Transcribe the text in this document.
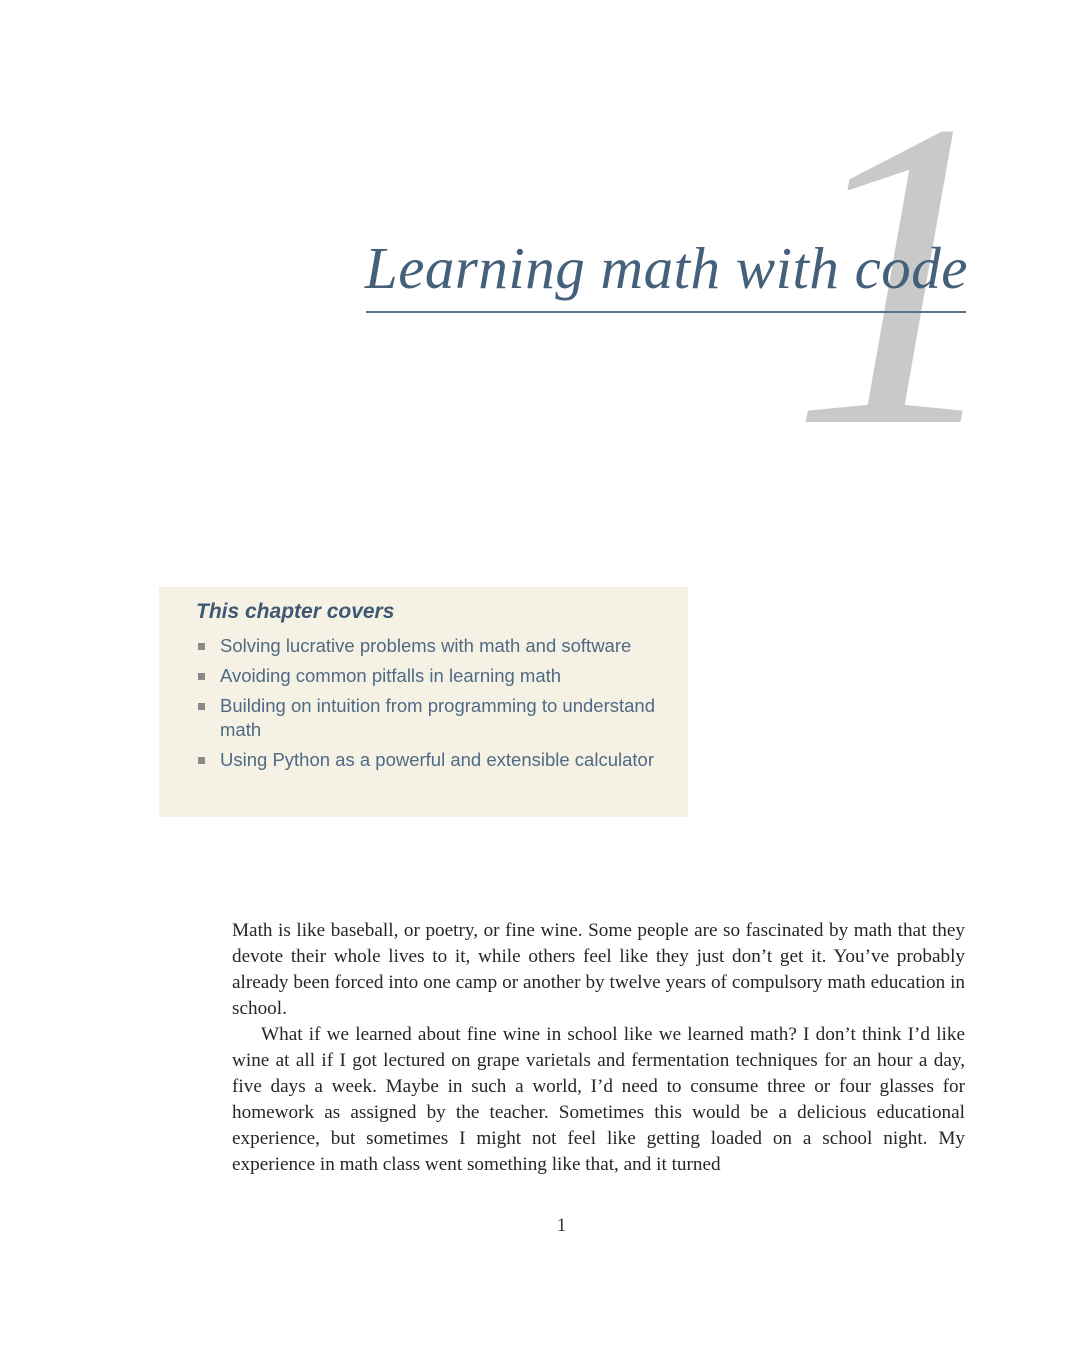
1
Learning math with code
This chapter covers
Solving lucrative problems with math and software
Avoiding common pitfalls in learning math
Building on intuition from programming to understand math
Using Python as a powerful and extensible calculator

Math is like baseball, or poetry, or fine wine. Some people are so fascinated by math that they devote their whole lives to it, while others feel like they just don’t get it. You’ve probably already been forced into one camp or another by twelve years of compulsory math education in school.

What if we learned about fine wine in school like we learned math? I don’t think I’d like wine at all if I got lectured on grape varietals and fermentation techniques for an hour a day, five days a week. Maybe in such a world, I’d need to consume three or four glasses for homework as assigned by the teacher. Sometimes this would be a delicious educational experience, but sometimes I might not feel like getting loaded on a school night. My experience in math class went something like that, and it turned

1
